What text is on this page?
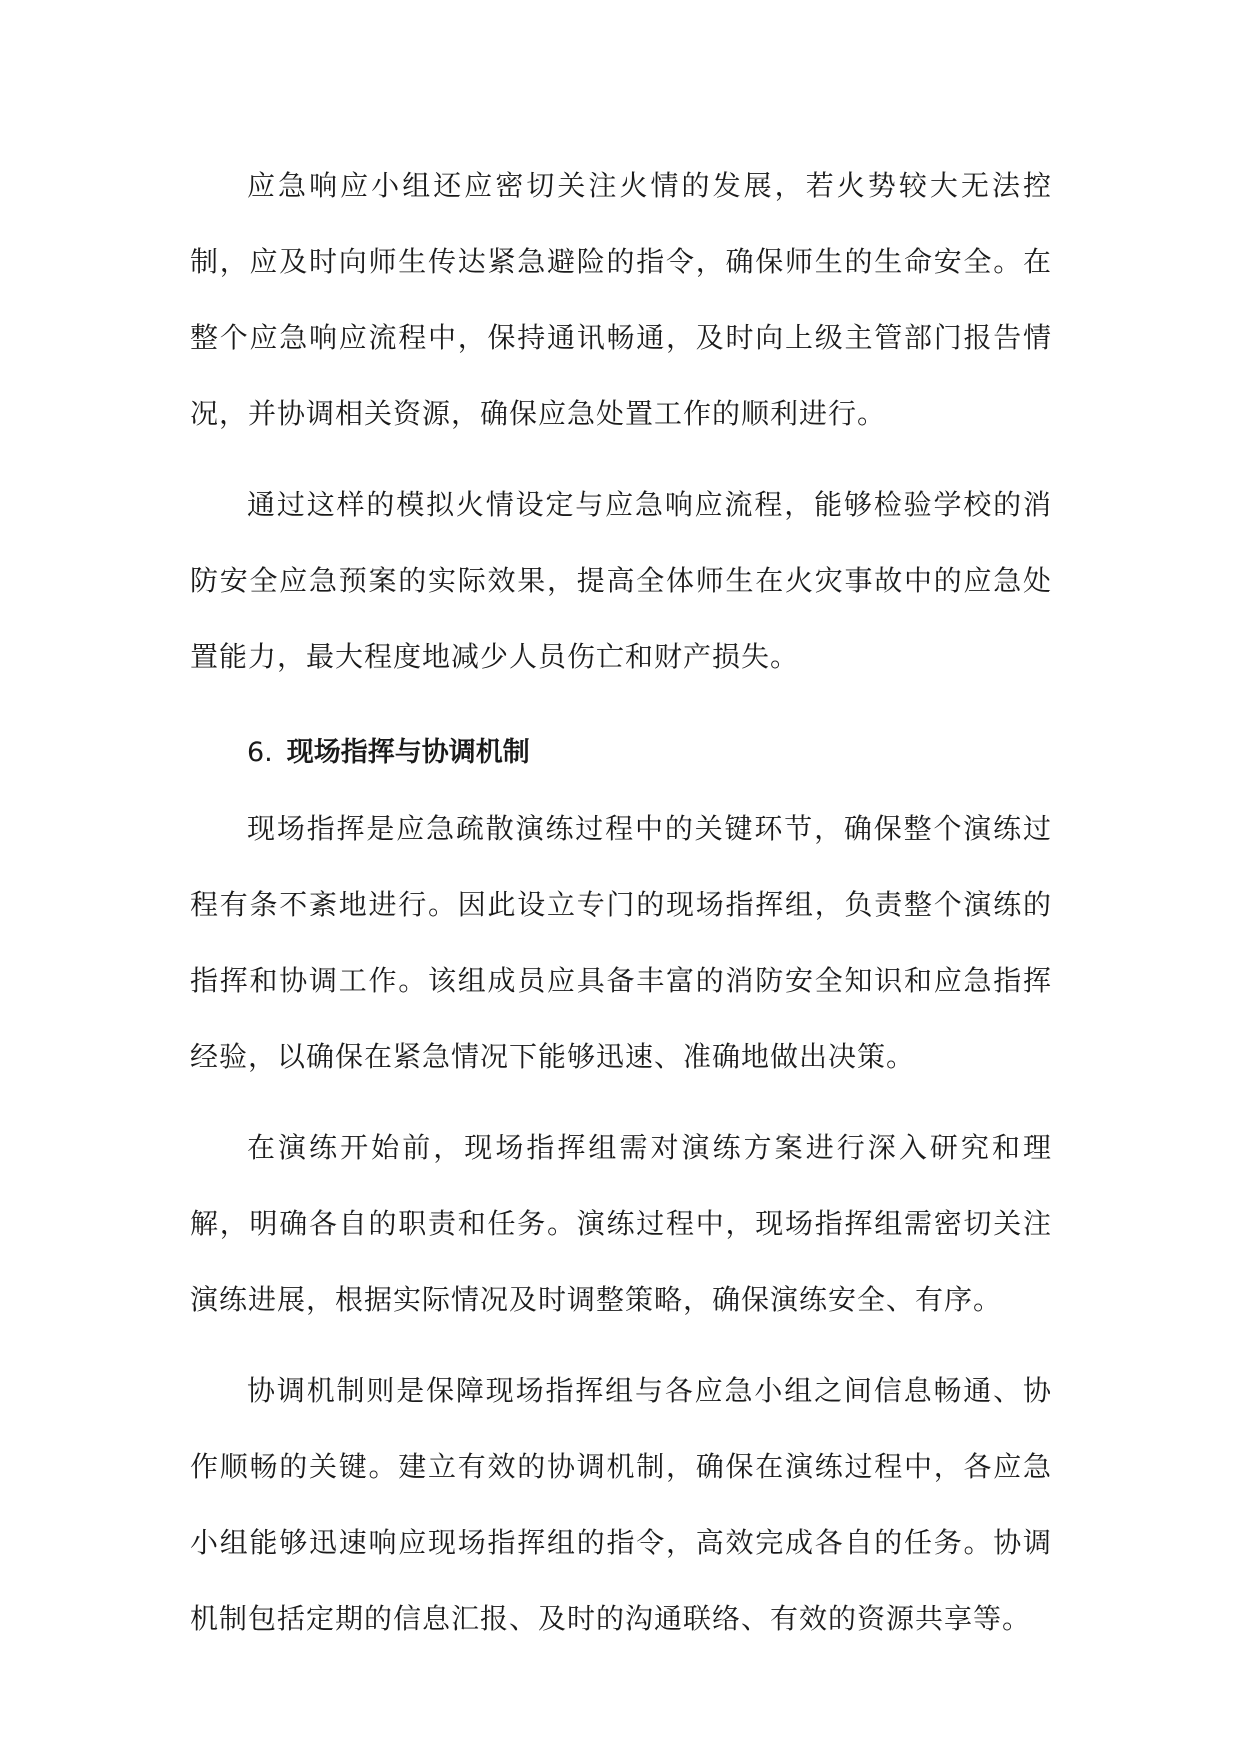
应急响应小组还应密切关注火情的发展，若火势较大无法控制，应及时向师生传达紧急避险的指令，确保师生的生命安全。在整个应急响应流程中，保持通讯畅通，及时向上级主管部门报告情况，并协调相关资源，确保应急处置工作的顺利进行。

通过这样的模拟火情设定与应急响应流程，能够检验学校的消防安全应急预案的实际效果，提高全体师生在火灾事故中的应急处置能力，最大程度地减少人员伤亡和财产损失。

6. 现场指挥与协调机制

现场指挥是应急疏散演练过程中的关键环节，确保整个演练过程有条不紊地进行。因此设立专门的现场指挥组，负责整个演练的指挥和协调工作。该组成员应具备丰富的消防安全知识和应急指挥经验，以确保在紧急情况下能够迅速、准确地做出决策。

在演练开始前，现场指挥组需对演练方案进行深入研究和理解，明确各自的职责和任务。演练过程中，现场指挥组需密切关注演练进展，根据实际情况及时调整策略，确保演练安全、有序。

协调机制则是保障现场指挥组与各应急小组之间信息畅通、协作顺畅的关键。建立有效的协调机制，确保在演练过程中，各应急小组能够迅速响应现场指挥组的指令，高效完成各自的任务。协调机制包括定期的信息汇报、及时的沟通联络、有效的资源共享等。
